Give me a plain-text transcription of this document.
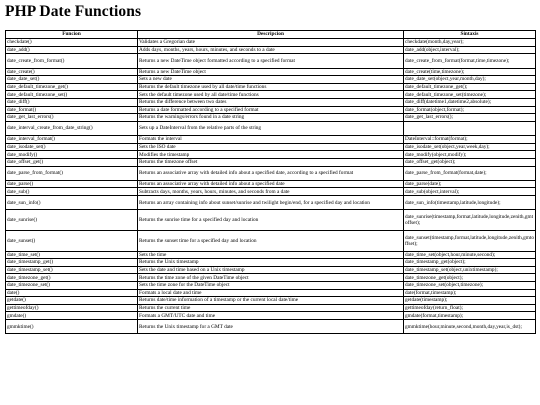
PHP Date Functions
Funcion	Descripcion	Sintaxis
checkdate()	Validates a Gregorian date	checkdate(month,day,year);
date_add()	Adds days, months, years, hours, minutes, and seconds to a date	date_add(object,interval);
date_create_from_format()	Returns a new DateTime object formatted according to a specified format	date_create_from_format(format,time,timezone);
date_create()	Returns a new DateTime object	date_create(time,timezone);
date_date_set()	Sets a new date	date_date_set(object,year,month,day);
date_default_timezone_get()	Returns the default timezone used by all date/time functions	date_default_timezone_get();
date_default_timezone_set()	Sets the default timezone used by all date/time functions	date_default_timezone_set(timezone);
date_diff()	Returns the difference between two dates	date_diff(datetime1,datetime2,absolute);
date_format()	Returns a date formatted according to a specified format	date_format(object,format);
date_get_last_errors()	Returns the warnings/errors found in a date string	date_get_last_errors();
date_interval_create_from_date_string()	Sets up a DateInterval from the relative parts of the string	
date_interval_format()	Formats the interval	DateInterval::format(format);
date_isodate_set()	Sets the ISO date	date_isodate_set(object,year,week,day);
date_modify()	Modifies the timestamp	date_modify(object,modify);
date_offset_get()	Returns the timezone offset	date_offset_get(object);
date_parse_from_format()	Returns an associative array with detailed info about a specified date, according to a specified format	date_parse_from_format(format,date);
date_parse()	Returns an associative array with detailed info about a specified date	date_parse(date);
date_sub()	Subtracts days, months, years, hours, minutes, and seconds from a date	date_sub(object,interval);
date_sun_info()	Returns an array containing info about sunset/sunrise and twilight begin/end, for a specified day and location	date_sun_info(timestamp,latitude,longitude);
date_sunrise()	Returns the sunrise time for a specified day and location	date_sunrise(timestamp,format,latitude,longitude,zenith,gmtoffset);
date_sunset()	Returns the sunset time for a specified day and location	date_sunset(timestamp,format,latitude,longitude,zenith,gmtoffset);
date_time_set()	Sets the time	date_time_set(object,hour,minute,second);
date_timestamp_get()	Returns the Unix timestamp	date_timestamp_get(object);
date_timestamp_set()	Sets the date and time based on a Unix timestamp	date_timestamp_set(object,unixtimestamp);
date_timezone_get()	Returns the time zone of the given DateTime object	date_timezone_get(object);
date_timezone_set()	Sets the time zone for the DateTime object	date_timezone_set(object,timezone);
date()	Formats a local date and time	date(format,timestamp);
getdate()	Returns date/time information of a timestamp or the current local date/time	getdate(timestamp);
gettimeofday()	Returns the current time	gettimeofday(return_float);
gmdate()	Formats a GMT/UTC date and time	gmdate(format,timestamp);
gmmktime()	Returns the Unix timestamp for a GMT date	gmmktime(hour,minute,second,month,day,year,is_dst);
